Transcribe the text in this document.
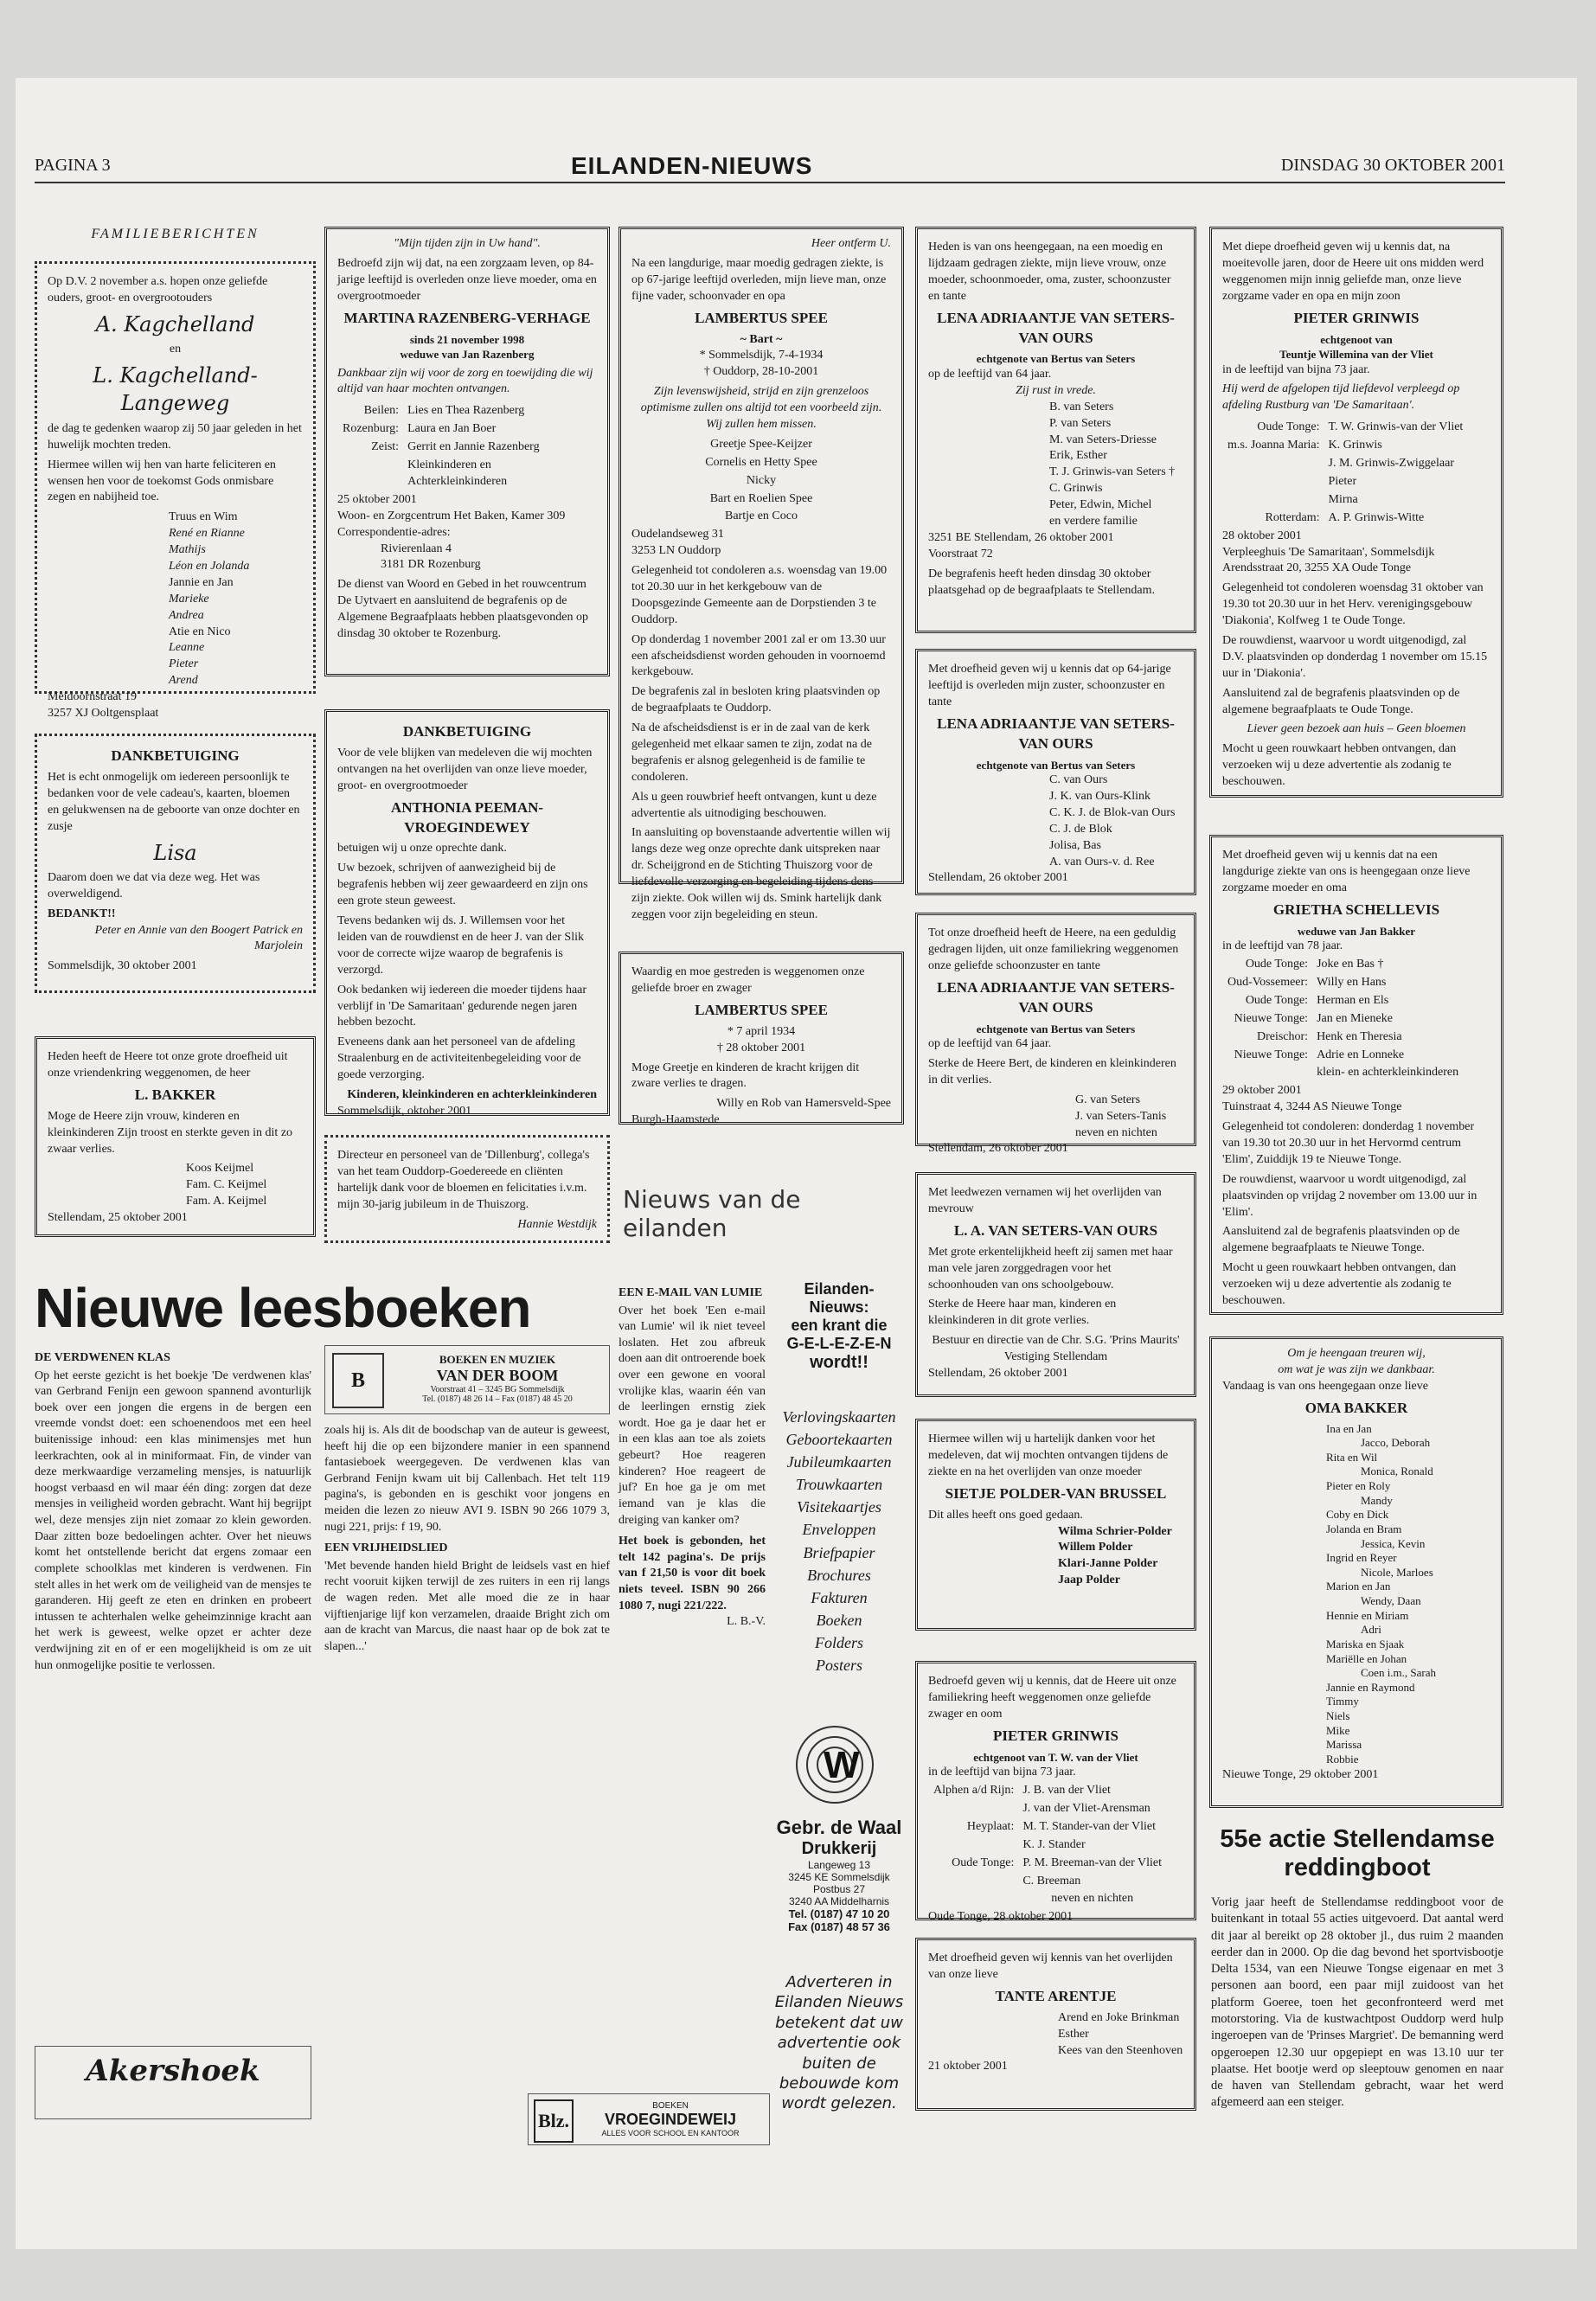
PAGINA 3	EILANDEN-NIEUWS	DINSDAG 30 OKTOBER 2001
FAMILIEBERICHTEN
Op D.V. 2 november a.s. hopen onze geliefde ouders, groot- en overgrootouders
A. Kagchelland
en
L. Kagchelland-Langeweg
de dag te gedenken waarop zij 50 jaar geleden in het huwelijk mochten treden.
Hiermee willen wij hen van harte feliciteren en wensen hen voor de toekomst Gods onmisbare zegen en nabijheid toe.
Truus en Wim
René en Rianne
Mathijs
Léon en Jolanda
Jannie en Jan
Marieke
Andrea
Atie en Nico
Leanne
Pieter
Arend
Meidoornstraat 19
3257 XJ Ooltgensplaat
DANKBETUIGING
Het is echt onmogelijk om iedereen persoonlijk te bedanken voor de vele cadeau's, kaarten, bloemen en gelukwensen na de geboorte van onze dochter en zusje
Lisa
Daarom doen we dat via deze weg. Het was overweldigend.
BEDANKT!!
Peter en Annie van den Boogert Patrick en Marjolein
Sommelsdijk, 30 oktober 2001
Heden heeft de Heere tot onze grote droefheid uit onze vriendenkring weggenomen, de heer
L. BAKKER
Moge de Heere zijn vrouw, kinderen en kleinkinderen Zijn troost en sterkte geven in dit zo zwaar verlies.
Koos Keijmel
Fam. C. Keijmel
Fam. A. Keijmel
Stellendam, 25 oktober 2001
"Mijn tijden zijn in Uw hand".
Bedroefd zijn wij dat, na een zorgzaam leven, op 84-jarige leeftijd is overleden onze lieve moeder, oma en overgrootmoeder
MARTINA RAZENBERG-VERHAGE
sinds 21 november 1998
weduwe van Jan Razenberg
Dankbaar zijn wij voor de zorg en toewijding die wij altijd van haar mochten ontvangen.
Beilen:	Lies en Thea Razenberg
Rozenburg:	Laura en Jan Boer
Zeist:	Gerrit en Jannie Razenberg
	Kleinkinderen en Achterkleinkinderen
25 oktober 2001
Woon- en Zorgcentrum Het Baken, Kamer 309
Correspondentie-adres:
Rivierenlaan 4
3181 DR Rozenburg
De dienst van Woord en Gebed in het rouwcentrum De Uytvaert en aansluitend de begrafenis op de Algemene Begraafplaats hebben plaatsgevonden op dinsdag 30 oktober te Rozenburg.
DANKBETUIGING
Voor de vele blijken van medeleven die wij mochten ontvangen na het overlijden van onze lieve moeder, groot- en overgrootmoeder
ANTHONIA PEEMAN-VROEGINDEWEY
betuigen wij u onze oprechte dank.
Uw bezoek, schrijven of aanwezigheid bij de begrafenis hebben wij zeer gewaardeerd en zijn ons een grote steun geweest.
Tevens bedanken wij ds. J. Willemsen voor het leiden van de rouwdienst en de heer J. van der Slik voor de correcte wijze waarop de begrafenis is verzorgd.
Ook bedanken wij iedereen die moeder tijdens haar verblijf in 'De Samaritaan' gedurende negen jaren hebben bezocht.
Eveneens dank aan het personeel van de afdeling Straalenburg en de activiteitenbegeleiding voor de goede verzorging.
Kinderen, kleinkinderen en achterkleinkinderen
Sommelsdijk, oktober 2001
Directeur en personeel van de 'Dillenburg', collega's van het team Ouddorp-Goedereede en cliënten hartelijk dank voor de bloemen en felicitaties i.v.m. mijn 30-jarig jubileum in de Thuiszorg.
Hannie Westdijk
Heer ontferm U.
Na een langdurige, maar moedig gedragen ziekte, is op 67-jarige leeftijd overleden, mijn lieve man, onze fijne vader, schoonvader en opa
LAMBERTUS SPEE
~ Bart ~
* Sommelsdijk, 7-4-1934
† Ouddorp, 28-10-2001
Zijn levenswijsheid, strijd en zijn grenzeloos optimisme zullen ons altijd tot een voorbeeld zijn. Wij zullen hem missen.
Greetje Spee-Keijzer
Cornelis en Hetty Spee
Nicky
Bart en Roelien Spee
Bartje en Coco
Oudelandseweg 31
3253 LN Ouddorp
Gelegenheid tot condoleren a.s. woensdag van 19.00 tot 20.30 uur in het kerkgebouw van de Doopsgezinde Gemeente aan de Dorpstienden 3 te Ouddorp.
Op donderdag 1 november 2001 zal er om 13.30 uur een afscheidsdienst worden gehouden in voornoemd kerkgebouw.
De begrafenis zal in besloten kring plaatsvinden op de begraafplaats te Ouddorp.
Na de afscheidsdienst is er in de zaal van de kerk gelegenheid met elkaar samen te zijn, zodat na de begrafenis er alsnog gelegenheid is de familie te condoleren.
Als u geen rouwbrief heeft ontvangen, kunt u deze advertentie als uitnodiging beschouwen.
In aansluiting op bovenstaande advertentie willen wij langs deze weg onze oprechte dank uitspreken naar dr. Scheijgrond en de Stichting Thuiszorg voor de liefdevolle verzorging en begeleiding tijdens dens zijn ziekte. Ook willen wij ds. Smink hartelijk dank zeggen voor zijn begeleiding en steun.
Waardig en moe gestreden is weggenomen onze geliefde broer en zwager
LAMBERTUS SPEE
* 7 april 1934
† 28 oktober 2001
Moge Greetje en kinderen de kracht krijgen dit zware verlies te dragen.
Willy en Rob van Hamersveld-Spee
Burgh-Haamstede
Nieuws van de eilanden
Heden is van ons heengegaan, na een moedig en lijdzaam gedragen ziekte, mijn lieve vrouw, onze moeder, schoonmoeder, oma, zuster, schoonzuster en tante
LENA ADRIAANTJE VAN SETERS-VAN OURS
echtgenote van Bertus van Seters
op de leeftijd van 64 jaar.
Zij rust in vrede.
B. van Seters
P. van Seters
M. van Seters-Driesse
Erik, Esther
T. J. Grinwis-van Seters †
C. Grinwis
Peter, Edwin, Michel
en verdere familie
3251 BE Stellendam, 26 oktober 2001
Voorstraat 72
De begrafenis heeft heden dinsdag 30 oktober plaatsgehad op de begraafplaats te Stellendam.
Met droefheid geven wij u kennis dat op 64-jarige leeftijd is overleden mijn zuster, schoonzuster en tante
LENA ADRIAANTJE VAN SETERS-VAN OURS
echtgenote van Bertus van Seters
C. van Ours
J. K. van Ours-Klink
C. K. J. de Blok-van Ours
C. J. de Blok
Jolisa, Bas
A. van Ours-v. d. Ree
Stellendam, 26 oktober 2001
Tot onze droefheid heeft de Heere, na een geduldig gedragen lijden, uit onze familiekring weggenomen onze geliefde schoonzuster en tante
LENA ADRIAANTJE VAN SETERS-VAN OURS
echtgenote van Bertus van Seters
op de leeftijd van 64 jaar.
Sterke de Heere Bert, de kinderen en kleinkinderen in dit verlies.
G. van Seters
J. van Seters-Tanis
neven en nichten
Stellendam, 26 oktober 2001
Met leedwezen vernamen wij het overlijden van mevrouw
L. A. VAN SETERS-VAN OURS
Met grote erkentelijkheid heeft zij samen met haar man vele jaren zorggedragen voor het schoonhouden van ons schoolgebouw.
Sterke de Heere haar man, kinderen en kleinkinderen in dit grote verlies.
Bestuur en directie van de Chr. S.G. 'Prins Maurits' Vestiging Stellendam
Stellendam, 26 oktober 2001
Hiermee willen wij u hartelijk danken voor het medeleven, dat wij mochten ontvangen tijdens de ziekte en na het overlijden van onze moeder
SIETJE POLDER-VAN BRUSSEL
Dit alles heeft ons goed gedaan.
Wilma Schrier-Polder
Willem Polder
Klari-Janne Polder
Jaap Polder
Bedroefd geven wij u kennis, dat de Heere uit onze familiekring heeft weggenomen onze geliefde zwager en oom
PIETER GRINWIS
echtgenoot van T. W. van der Vliet
in de leeftijd van bijna 73 jaar.
Alphen a/d Rijn:	J. B. van der Vliet
	J. van der Vliet-Arensman
Heyplaat:	M. T. Stander-van der Vliet
	K. J. Stander
Oude Tonge:	P. M. Breeman-van der Vliet
	C. Breeman
	neven en nichten
Oude Tonge, 28 oktober 2001
Met droefheid geven wij kennis van het overlijden van onze lieve
TANTE ARENTJE
Arend en Joke Brinkman
Esther
Kees van den Steenhoven
21 oktober 2001
Met diepe droefheid geven wij u kennis dat, na moeitevolle jaren, door de Heere uit ons midden werd weggenomen mijn innig geliefde man, onze lieve zorgzame vader en opa en mijn zoon
PIETER GRINWIS
echtgenoot van
Teuntje Willemina van der Vliet
in de leeftijd van bijna 73 jaar.
Hij werd de afgelopen tijd liefdevol verpleegd op afdeling Rustburg van 'De Samaritaan'.
Oude Tonge:	T. W. Grinwis-van der Vliet
m.s. Joanna Maria:	K. Grinwis
	J. M. Grinwis-Zwiggelaar
	Pieter
	Mirna
Rotterdam:	A. P. Grinwis-Witte
28 oktober 2001
Verpleeghuis 'De Samaritaan', Sommelsdijk
Arendsstraat 20, 3255 XA Oude Tonge
Gelegenheid tot condoleren woensdag 31 oktober van 19.30 tot 20.30 uur in het Herv. verenigingsgebouw 'Diakonia', Kolfweg 1 te Oude Tonge.
De rouwdienst, waarvoor u wordt uitgenodigd, zal D.V. plaatsvinden op donderdag 1 november om 15.15 uur in 'Diakonia'.
Aansluitend zal de begrafenis plaatsvinden op de algemene begraafplaats te Oude Tonge.
Liever geen bezoek aan huis – Geen bloemen
Mocht u geen rouwkaart hebben ontvangen, dan verzoeken wij u deze advertentie als zodanig te beschouwen.
Met droefheid geven wij u kennis dat na een langdurige ziekte van ons is heengegaan onze lieve zorgzame moeder en oma
GRIETHA SCHELLEVIS
weduwe van Jan Bakker
in de leeftijd van 78 jaar.
Oude Tonge:	Joke en Bas †
Oud-Vossemeer:	Willy en Hans
Oude Tonge:	Herman en Els
Nieuwe Tonge:	Jan en Mieneke
Dreischor:	Henk en Theresia
Nieuwe Tonge:	Adrie en Lonneke
	klein- en achterkleinkinderen
29 oktober 2001
Tuinstraat 4, 3244 AS Nieuwe Tonge
Gelegenheid tot condoleren: donderdag 1 november van 19.30 tot 20.30 uur in het Hervormd centrum 'Elim', Zuiddijk 19 te Nieuwe Tonge.
De rouwdienst, waarvoor u wordt uitgenodigd, zal plaatsvinden op vrijdag 2 november om 13.00 uur in 'Elim'.
Aansluitend zal de begrafenis plaatsvinden op de algemene begraafplaats te Nieuwe Tonge.
Mocht u geen rouwkaart hebben ontvangen, dan verzoeken wij u deze advertentie als zodanig te beschouwen.
Om je heengaan treuren wij,
om wat je was zijn we dankbaar.
Vandaag is van ons heengegaan onze lieve
OMA BAKKER
Ina en Jan
Jacco, Deborah
Rita en Wil
Monica, Ronald
Pieter en Roly
Mandy
Coby en Dick
Jolanda en Bram
Jessica, Kevin
Ingrid en Reyer
Nicole, Marloes
Marion en Jan
Wendy, Daan
Hennie en Miriam
Adri
Mariska en Sjaak
Mariëlle en Johan
Coen i.m., Sarah
Jannie en Raymond
Timmy
Niels
Mike
Marissa
Robbie
Nieuwe Tonge, 29 oktober 2001
55e actie Stellendamse reddingboot
Vorig jaar heeft de Stellendamse reddingboot voor de buitenkant in totaal 55 acties uitgevoerd. Dat aantal werd dit jaar al bereikt op 28 oktober jl., dus ruim 2 maanden eerder dan in 2000. Op die dag bevond het sportvisbootje Delta 1534, van een Nieuwe Tongse eigenaar en met 3 personen aan boord, een paar mijl zuidoost van het platform Goeree, toen het geconfronteerd werd met motorstoring. Via de kustwachtpost Ouddorp werd hulp ingeroepen van de 'Prinses Margriet'. De bemanning werd opgeroepen 12.30 uur opgepiept en was 13.10 uur ter plaatse. Het bootje werd op sleeptouw genomen en naar de haven van Stellendam gebracht, waar het werd afgemeerd aan een steiger.
Nieuwe leesboeken
DE VERDWENEN KLAS
Op het eerste gezicht is het boekje 'De verdwenen klas' van Gerbrand Fenijn een gewoon spannend avonturlijk boek over een jongen die ergens in de bergen een vreemde vondst doet: een schoenendoos met een heel buitenissige inhoud: een klas minimensjes met hun leerkrachten, ook al in miniformaat. Fin, de vinder van deze merkwaardige verzameling mensjes, is natuurlijk hoogst verbaasd en wil maar één ding: zorgen dat deze mensjes in veiligheid worden gebracht. Want hij begrijpt wel, deze mensjes zijn niet zomaar zo klein geworden. Daar zitten boze bedoelingen achter. Over het nieuws komt het ontstellende bericht dat ergens zomaar een complete schoolklas met kinderen is verdwenen. Fin stelt alles in het werk om de veiligheid van de mensjes te garanderen. Hij geeft ze eten en drinken en probeert intussen te achterhalen welke geheimzinnige kracht aan het werk is geweest, welke opzet er achter deze verdwijning zit en of er een mogelijkheid is om ze uit hun onmogelijke positie te verlossen.
B
BOEKEN EN MUZIEK
VAN DER BOOM
Voorstraat 41 – 3245 BG Sommelsdijk
Tel. (0187) 48 26 14 – Fax (0187) 48 45 20
zoals hij is. Als dit de boodschap van de auteur is geweest, heeft hij die op een bijzondere manier in een spannend fantasieboek weergegeven. De verdwenen klas van Gerbrand Fenijn kwam uit bij Callenbach. Het telt 119 pagina's, is gebonden en is geschikt voor jongens en meiden die lezen zo nieuw AVI 9. ISBN 90 266 1079 3, nugi 221, prijs: f 19, 90.
EEN VRIJHEIDSLIED
'Met bevende handen hield Bright de leidsels vast en hief recht vooruit kijken terwijl de zes ruiters in een rij langs de wagen reden. Met alle moed die ze in haar vijftienjarige lijf kon verzamelen, draaide Bright zich om aan de kracht van Marcus, die naast haar op de bok zat te slapen...'
EEN E-MAIL VAN LUMIE
Over het boek 'Een e-mail van Lumie' wil ik niet teveel loslaten. Het zou afbreuk doen aan dit ontroerende boek over een gewone en vooral vrolijke klas, waarin één van de leerlingen ernstig ziek wordt. Hoe ga je daar het er in een klas aan toe als zoiets gebeurt? Hoe reageren kinderen? Hoe reageert de juf? En hoe ga je om met iemand van je klas die dreiging van kanker om?
Het boek is gebonden, het telt 142 pagina's. De prijs van f 21,50 is voor dit boek niets teveel. ISBN 90 266 1080 7, nugi 221/222.
L. B.-V.
Akershoek
Eilanden-Nieuws:
een krant die
G-E-L-E-Z-E-N
wordt!!
Verlovingskaarten
Geboortekaarten
Jubileumkaarten
Trouwkaarten
Visitekaartjes
Enveloppen
Briefpapier
Brochures
Fakturen
Boeken
Folders
Posters
W
Gebr. de Waal
Drukkerij
Langeweg 13
3245 KE Sommelsdijk
Postbus 27
3240 AA Middelharnis
Tel. (0187) 47 10 20
Fax (0187) 48 57 36
Adverteren in Eilanden Nieuws betekent dat uw advertentie ook buiten de bebouwde kom wordt gelezen.
Blz.
BOEKEN
VROEGINDEWEIJ
ALLES VOOR SCHOOL EN KANTOOR
